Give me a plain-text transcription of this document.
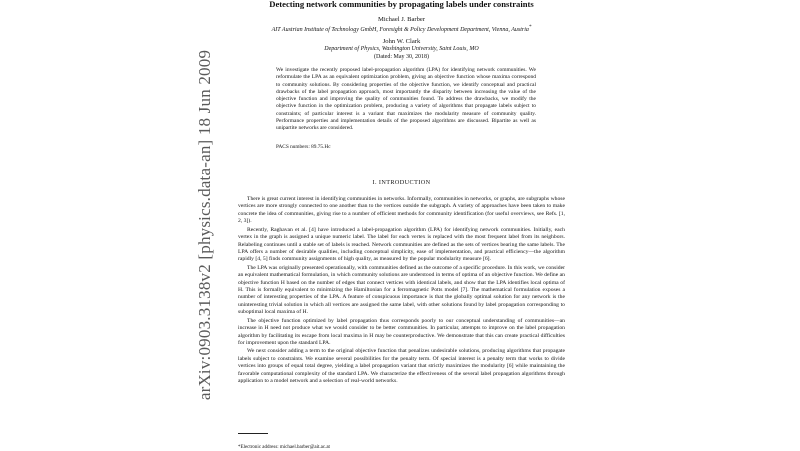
arXiv:0903.3138v2 [physics.data-an] 18 Jun 2009
Detecting network communities by propagating labels under constraints
Michael J. Barber
AIT Austrian Institute of Technology GmbH, Foresight & Policy Development Department, Vienna, Austria*
John W. Clark
Department of Physics, Washington University, Saint Louis, MO
(Dated: May 30, 2018)
We investigate the recently proposed label-propagation algorithm (LPA) for identifying network communities. We reformulate the LPA as an equivalent optimization problem, giving an objective function whose maxima correspond to community solutions. By considering properties of the objective function, we identify conceptual and practical drawbacks of the label propagation approach, most importantly the disparity between increasing the value of the objective function and improving the quality of communities found. To address the drawbacks, we modify the objective function in the optimization problem, producing a variety of algorithms that propagate labels subject to constraints; of particular interest is a variant that maximizes the modularity measure of community quality. Performance properties and implementation details of the proposed algorithms are discussed. Bipartite as well as unipartite networks are considered.
PACS numbers: 89.75.Hc
I. INTRODUCTION

There is great current interest in identifying communities in networks. Informally, communities in networks, or graphs, are subgraphs whose vertices are more strongly connected to one another than to the vertices outside the subgraph. A variety of approaches have been taken to make concrete the idea of communities, giving rise to a number of efficient methods for community identification (for useful overviews, see Refs. [1, 2, 3]).

Recently, Raghavan et al. [4] have introduced a label-propagation algorithm (LPA) for identifying network communities. Initially, each vertex in the graph is assigned a unique numeric label. The label for each vertex is replaced with the most frequent label from its neighbors. Relabeling continues until a stable set of labels is reached. Network communities are defined as the sets of vertices bearing the same labels. The LPA offers a number of desirable qualities, including conceptual simplicity, ease of implementation, and practical efficiency—the algorithm rapidly [4, 5] finds community assignments of high quality, as measured by the popular modularity measure [6].

The LPA was originally presented operationally, with communities defined as the outcome of a specific procedure. In this work, we consider an equivalent mathematical formulation, in which community solutions are understood in terms of optima of an objective function. We define an objective function H based on the number of edges that connect vertices with identical labels, and show that the LPA identifies local optima of H. This is formally equivalent to minimizing the Hamiltonian for a ferromagnetic Potts model [7]. The mathematical formulation exposes a number of interesting properties of the LPA. A feature of conspicuous importance is that the globally optimal solution for any network is the uninteresting trivial solution in which all vertices are assigned the same label, with other solutions found by label propagation corresponding to suboptimal local maxima of H.

The objective function optimized by label propagation thus corresponds poorly to our conceptual understanding of communities—an increase in H need not produce what we would consider to be better communities. In particular, attempts to improve on the label propagation algorithm by facilitating its escape from local maxima in H may be counterproductive. We demonstrate that this can create practical difficulties for improvement upon the standard LPA.

We next consider adding a term to the original objective function that penalizes undesirable solutions, producing algorithms that propagate labels subject to constraints. We examine several possibilities for the penalty term. Of special interest is a penalty term that works to divide vertices into groups of equal total degree, yielding a label propagation variant that strictly maximizes the modularity [6] while maintaining the favorable computational complexity of the standard LPA. We characterize the effectiveness of the several label propagation algorithms through application to a model network and a selection of real-world networks.

*Electronic address: michael.barber@ait.ac.at
